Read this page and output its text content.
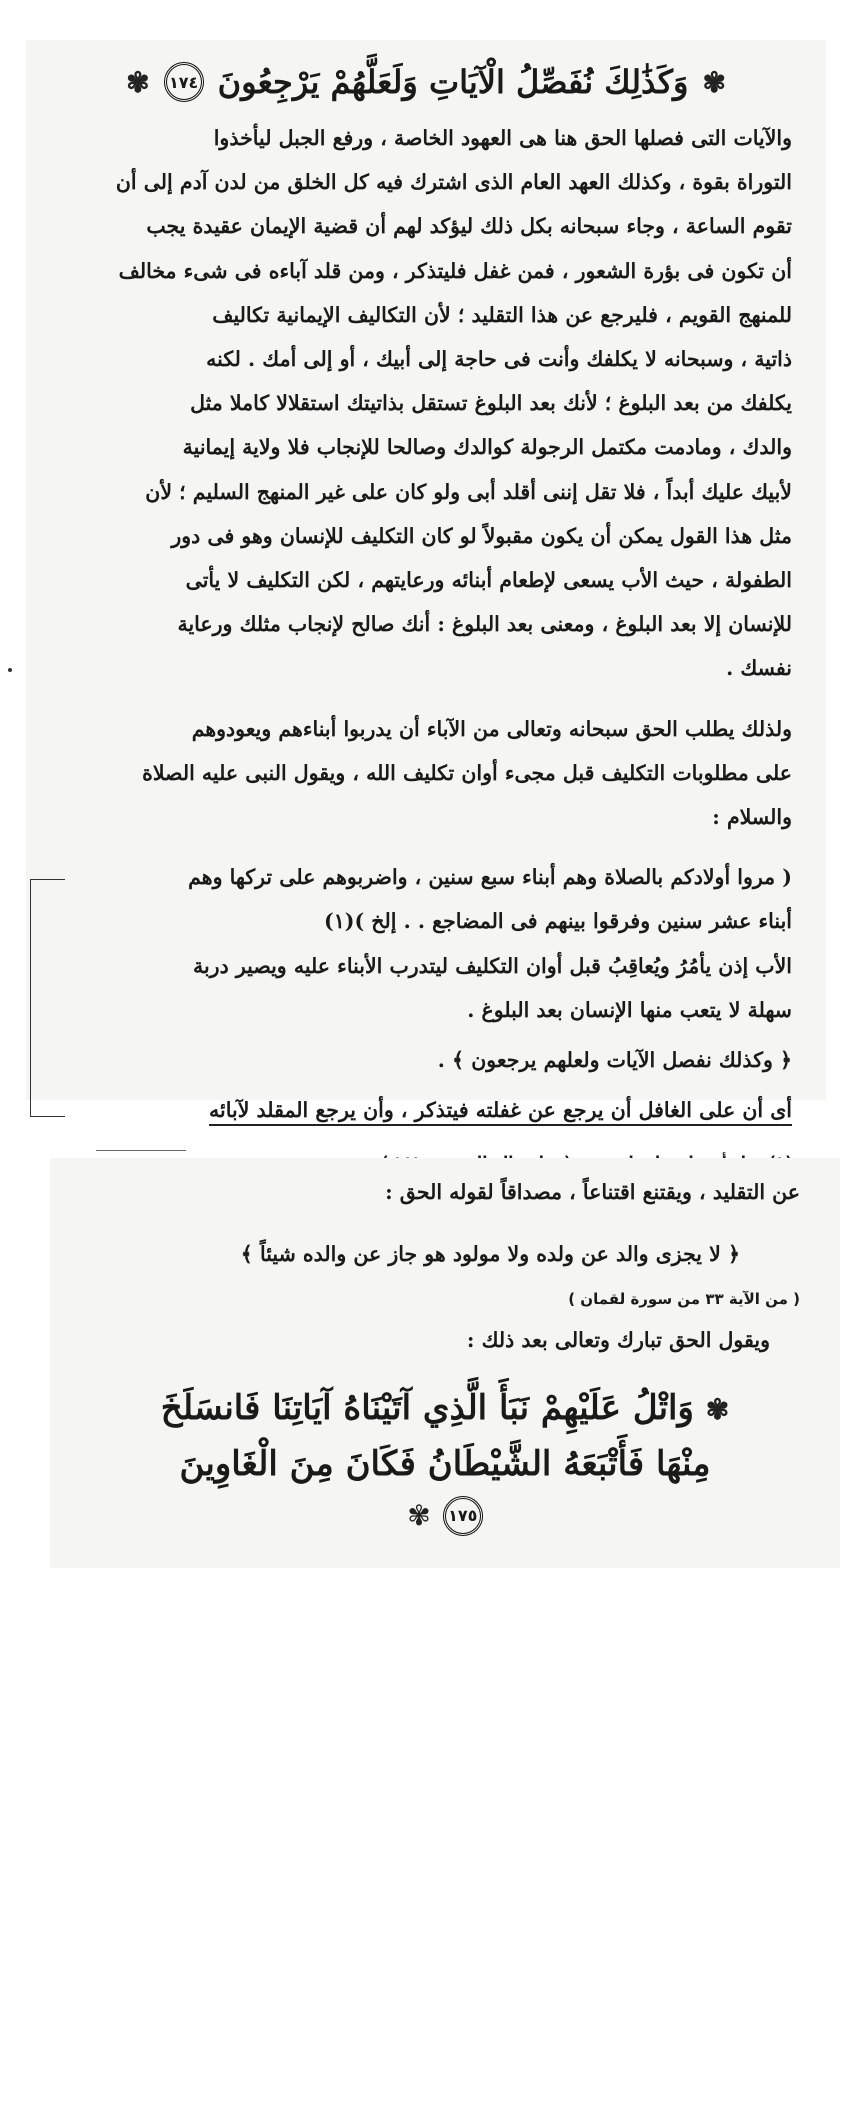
✾
وَكَذَٰلِكَ نُفَصِّلُ الْآيَاتِ وَلَعَلَّهُمْ يَرْجِعُونَ
١٧٤
✾
والآيات التى فصلها الحق هنا هى العهود الخاصة ، ورفع الجبل ليأخذوا
التوراة بقوة ، وكذلك العهد العام الذى اشترك فيه كل الخلق من لدن آدم إلى أن
تقوم الساعة ، وجاء سبحانه بكل ذلك ليؤكد لهم أن قضية الإيمان عقيدة يجب
أن تكون فى بؤرة الشعور ، فمن غفل فليتذكر ، ومن قلد آباءه فى شىء مخالف
للمنهج القويم ، فليرجع عن هذا التقليد ؛ لأن التكاليف الإيمانية تكاليف
ذاتية ، وسبحانه لا يكلفك وأنت فى حاجة إلى أبيك ، أو إلى أمك . لكنه
يكلفك من بعد البلوغ ؛ لأنك بعد البلوغ تستقل بذاتيتك استقلالا كاملا مثل
والدك ، ومادمت مكتمل الرجولة كوالدك وصالحا للإنجاب فلا ولاية إيمانية
لأبيك عليك أبداً ، فلا تقل إننى أقلد أبى ولو كان على غير المنهج السليم ؛ لأن
مثل هذا القول يمكن أن يكون مقبولاً لو كان التكليف للإنسان وهو فى دور
الطفولة ، حيث الأب يسعى لإطعام أبنائه ورعايتهم ، لكن التكليف لا يأتى
للإنسان إلا بعد البلوغ ، ومعنى بعد البلوغ : أنك صالح لإنجاب مثلك ورعاية
نفسك .
ولذلك يطلب الحق سبحانه وتعالى من الآباء أن يدربوا أبناءهم ويعودوهم
على مطلوبات التكليف قبل مجىء أوان تكليف الله ، ويقول النبى عليه الصلاة
والسلام :
( مروا أولادكم بالصلاة وهم أبناء سبع سنين ، واضربوهم على تركها وهم
أبناء عشر سنين وفرقوا بينهم فى المضاجع . . إلخ )(١)
الأب إذن يأمُرُ ويُعاقِبُ قبل أوان التكليف ليتدرب الأبناء عليه ويصير دربة
سهلة لا يتعب منها الإنسان بعد البلوغ .
﴿ وكذلك نفصل الآيات ولعلهم يرجعون ﴾ .
أى أن على الغافل أن يرجع عن غفلته فيتذكر ، وأن يرجع المقلد لآبائه
عن التقليد ، ويقتنع اقتناعاً ، مصداقاً لقوله الحق :
﴿ لا يجزى والد عن ولده ولا مولود هو جاز عن والده شيئاً ﴾
( من الآية ٣٣ من سورة لقمان )
ويقول الحق تبارك وتعالى بعد ذلك :
✾ وَاتْلُ عَلَيْهِمْ نَبَأَ الَّذِي آتَيْنَاهُ آيَاتِنَا فَانسَلَخَ
مِنْهَا فَأَتْبَعَهُ الشَّيْطَانُ فَكَانَ مِنَ الْغَاوِينَ
١٧٥
✾
